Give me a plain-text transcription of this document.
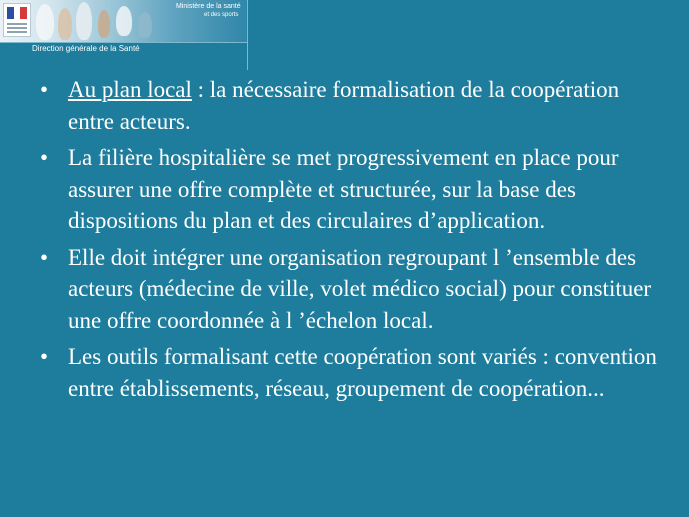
Ministère de la santé
et des sports
Direction générale de la Santé
• Au plan local : la nécessaire formalisation de la coopération entre acteurs.
• La filière hospitalière se met progressivement en place pour assurer une offre complète et structurée, sur la base des dispositions du plan et des circulaires d’application.
• Elle doit intégrer une organisation regroupant l ’ensemble des acteurs (médecine de ville, volet médico social) pour constituer une offre coordonnée à l ’échelon local.
• Les outils formalisant cette coopération sont variés : convention entre établissements, réseau, groupement de coopération...
